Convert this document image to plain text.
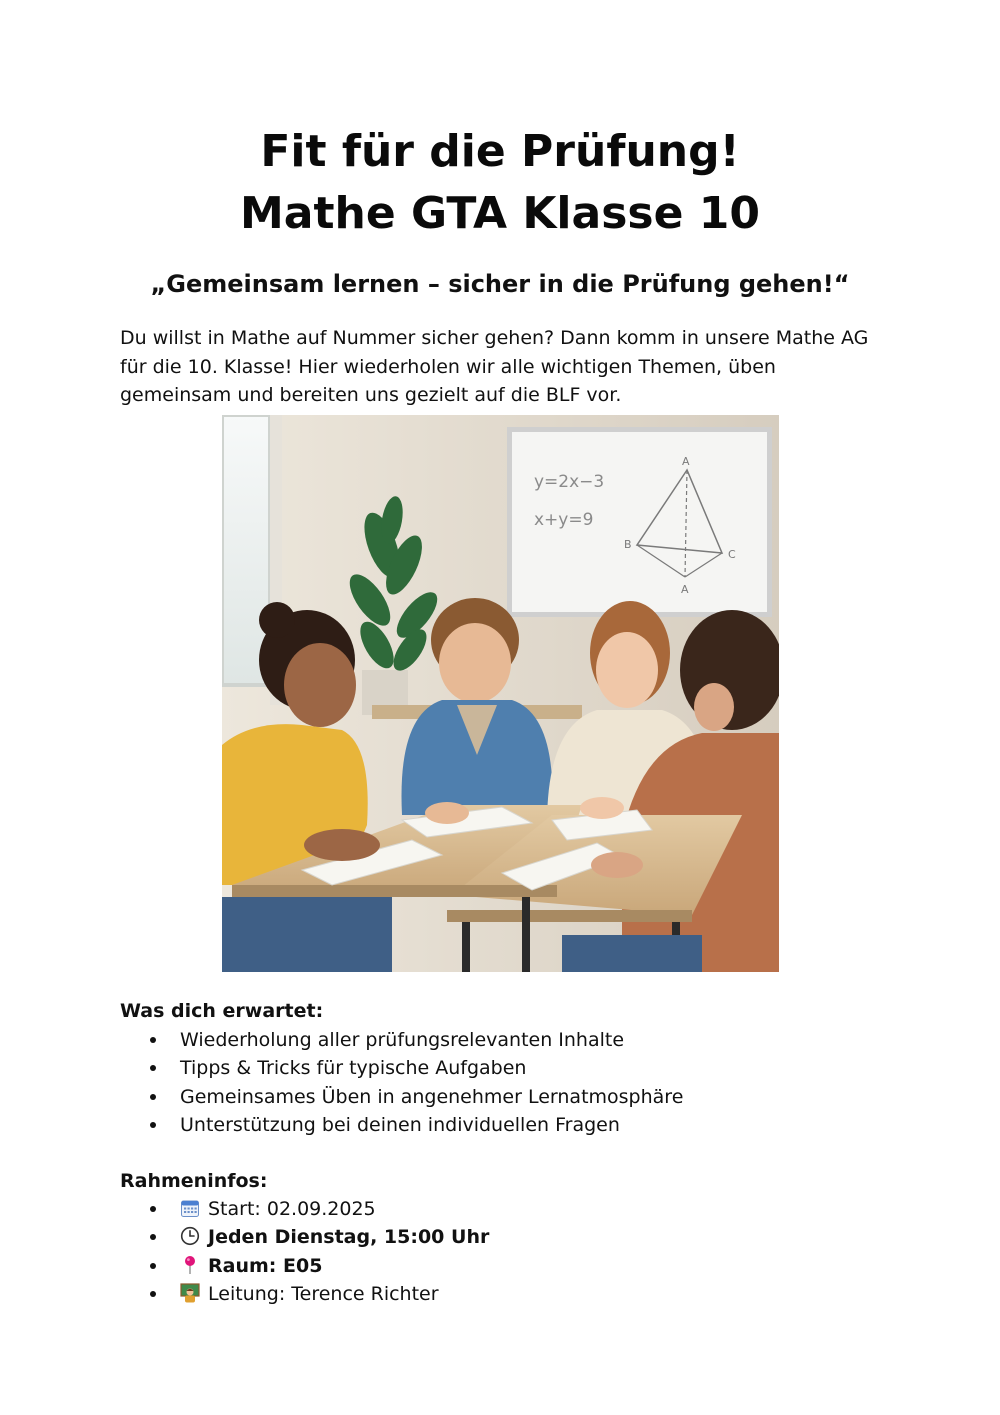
Fit für die Prüfung!
Mathe GTA Klasse 10
„Gemeinsam lernen – sicher in die Prüfung gehen!“

Du willst in Mathe auf Nummer sicher gehen? Dann komm in unsere Mathe AG für die 10. Klasse! Hier wiederholen wir alle wichtigen Themen, üben gemeinsam und bereiten uns gezielt auf die BLF vor.

y=2x−3
x+y=9
A
B
C
A
Was dich erwartet:
Wiederholung aller prüfungsrelevanten Inhalte
Tipps & Tricks für typische Aufgaben
Gemeinsames Üben in angenehmer Lernatmosphäre
Unterstützung bei deinen individuellen Fragen
Rahmeninfos:
Start: 02.09.2025
Jeden Dienstag, 15:00 Uhr
Raum: E05
Leitung: Terence Richter
